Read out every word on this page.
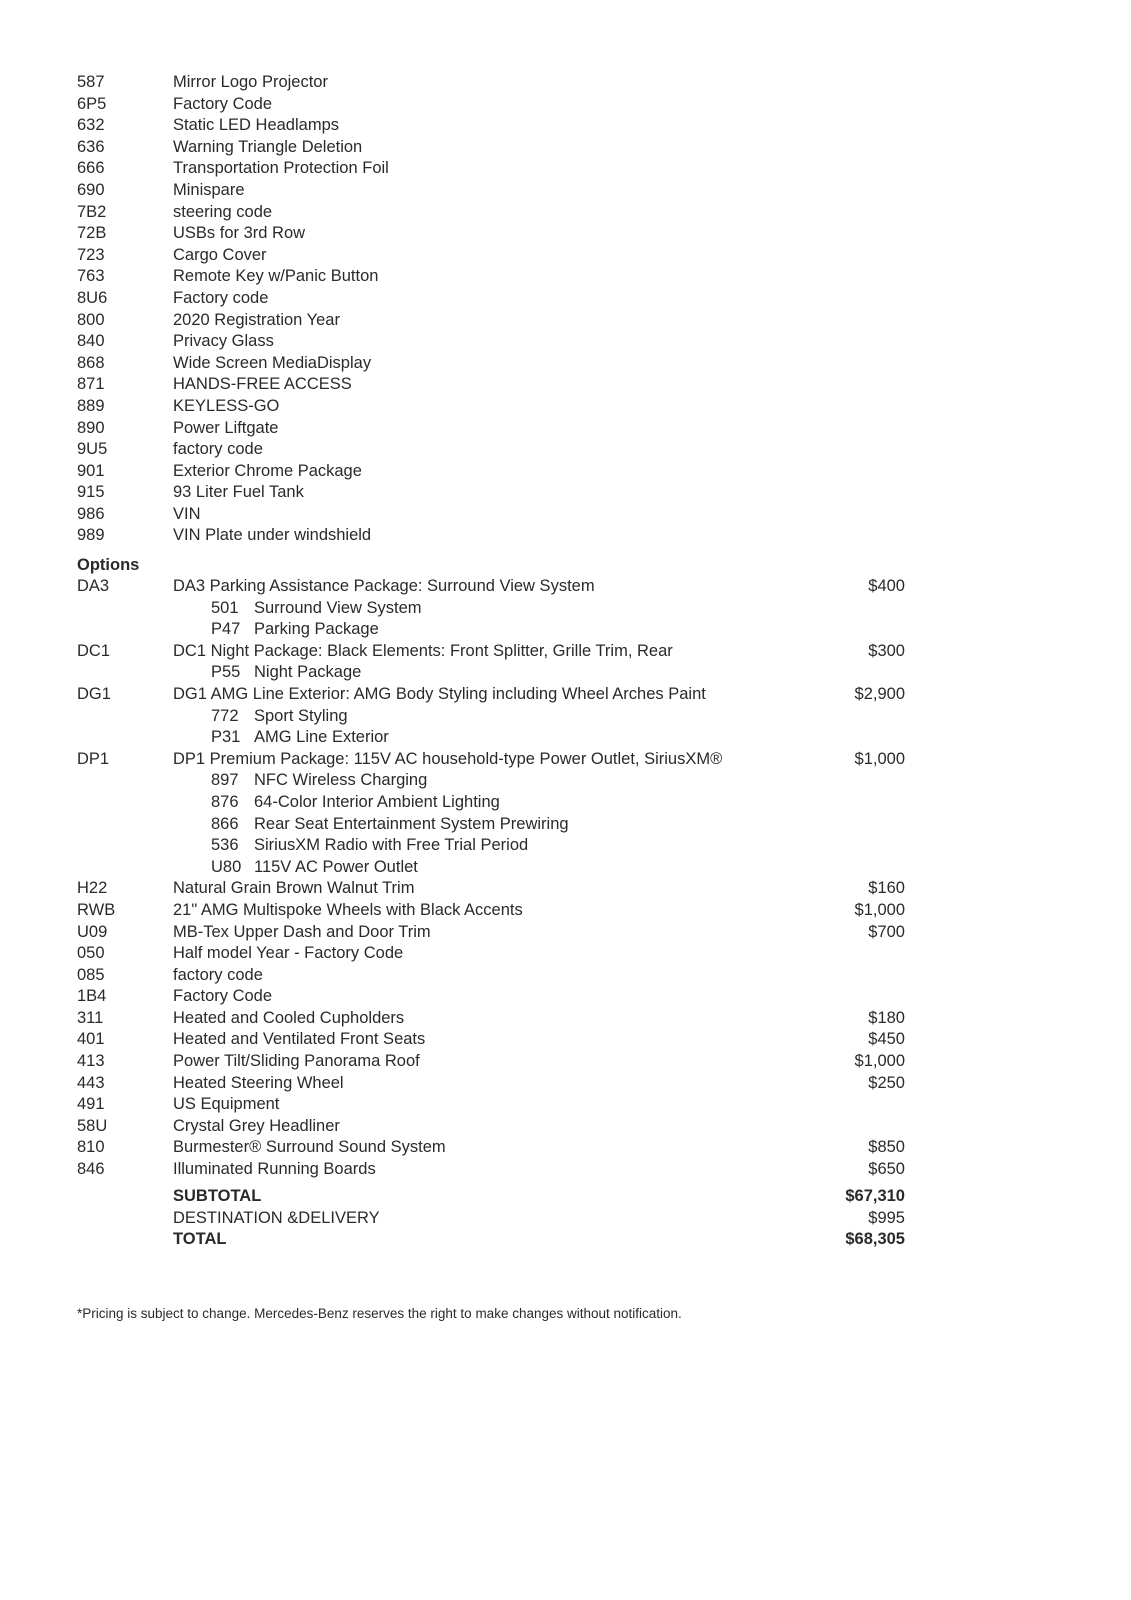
587	Mirror Logo Projector
6P5	Factory Code
632	Static LED Headlamps
636	Warning Triangle Deletion
666	Transportation Protection Foil
690	Minispare
7B2	steering code
72B	USBs for 3rd Row
723	Cargo Cover
763	Remote Key w/Panic Button
8U6	Factory code
800	2020 Registration Year
840	Privacy Glass
868	Wide Screen MediaDisplay
871	HANDS-FREE ACCESS
889	KEYLESS-GO
890	Power Liftgate
9U5	factory code
901	Exterior Chrome Package
915	93 Liter Fuel Tank
986	VIN
989	VIN Plate under windshield
Options
DA3	DA3 Parking Assistance Package: Surround View System	$400
501 Surround View System
P47 Parking Package
DC1	DC1 Night Package: Black Elements: Front Splitter, Grille Trim, Rear	$300
P55 Night Package
DG1	DG1 AMG Line Exterior: AMG Body Styling including Wheel Arches Paint	$2,900
772 Sport Styling
P31 AMG Line Exterior
DP1	DP1 Premium Package: 115V AC household-type Power Outlet, SiriusXM®	$1,000
897 NFC Wireless Charging
876 64-Color Interior Ambient Lighting
866 Rear Seat Entertainment System Prewiring
536 SiriusXM Radio with Free Trial Period
U80 115V AC Power Outlet
H22	Natural Grain Brown Walnut Trim	$160
RWB	21" AMG Multispoke Wheels with Black Accents	$1,000
U09	MB-Tex Upper Dash and Door Trim	$700
050	Half model Year - Factory Code
085	factory code
1B4	Factory Code
311	Heated and Cooled Cupholders	$180
401	Heated and Ventilated Front Seats	$450
413	Power Tilt/Sliding Panorama Roof	$1,000
443	Heated Steering Wheel	$250
491	US Equipment
58U	Crystal Grey Headliner
810	Burmester® Surround Sound System	$850
846	Illuminated Running Boards	$650
SUBTOTAL	$67,310
DESTINATION &DELIVERY	$995
TOTAL	$68,305
*Pricing is subject to change. Mercedes-Benz reserves the right to make changes without notification.
